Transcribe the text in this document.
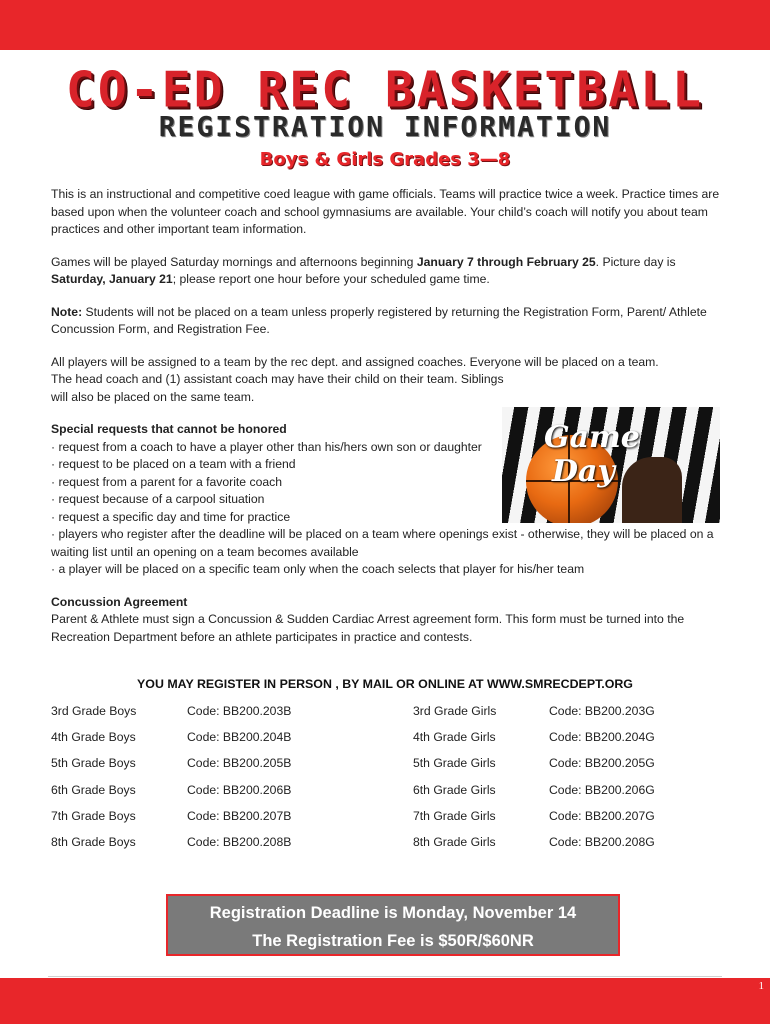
CO-ED REC BASKETBALL
REGISTRATION INFORMATION
Boys & Girls Grades 3—8

This is an instructional and competitive coed league with game officials. Teams will practice twice a week. Practice times are based upon when the volunteer coach and school gymnasiums are available. Your child’s coach will notify you about team practices and other important team information.

Games will be played Saturday mornings and afternoons beginning January 7 through February 25. Picture day is Saturday, January 21; please report one hour before your scheduled game time.

Note: Students will not be placed on a team unless properly registered by returning the Registration Form, Parent/ Athlete Concussion Form, and Registration Fee.

All players will be assigned to a team by the rec dept. and assigned coaches. Everyone will be placed on a team.
The head coach and (1) assistant coach may have their child on their team. Siblings will also be placed on the same team.

Special requests that cannot be honored
· request from a coach to have a player other than his/hers own son or daughter
· request to be placed on a team with a friend
· request from a parent for a favorite coach
· request because of a carpool situation
· request a specific day and time for practice
· players who register after the deadline will be placed on a team where openings exist - otherwise, they will be placed on a waiting list until an opening on a team becomes available
· a player will be placed on a specific team only when the coach selects that player for his/her team
Concussion Agreement
Parent & Athlete must sign a Concussion & Sudden Cardiac Arrest agreement form. This form must be turned into the Recreation Department before an athlete participates in practice and contests.
Game
Day
YOU MAY REGISTER IN PERSON , BY MAIL OR ONLINE AT WWW.SMRECDEPT.ORG
3rd Grade Boys	Code: BB200.203B	3rd Grade Girls	Code: BB200.203G
4th Grade Boys	Code: BB200.204B	4th Grade Girls	Code: BB200.204G
5th Grade Boys	Code: BB200.205B	5th Grade Girls	Code: BB200.205G
6th Grade Boys	Code: BB200.206B	6th Grade Girls	Code: BB200.206G
7th Grade Boys	Code: BB200.207B	7th Grade Girls	Code: BB200.207G
8th Grade Boys	Code: BB200.208B	8th Grade Girls	Code: BB200.208G
Registration Deadline is Monday, November 14
The Registration Fee is $50R/$60NR
1
